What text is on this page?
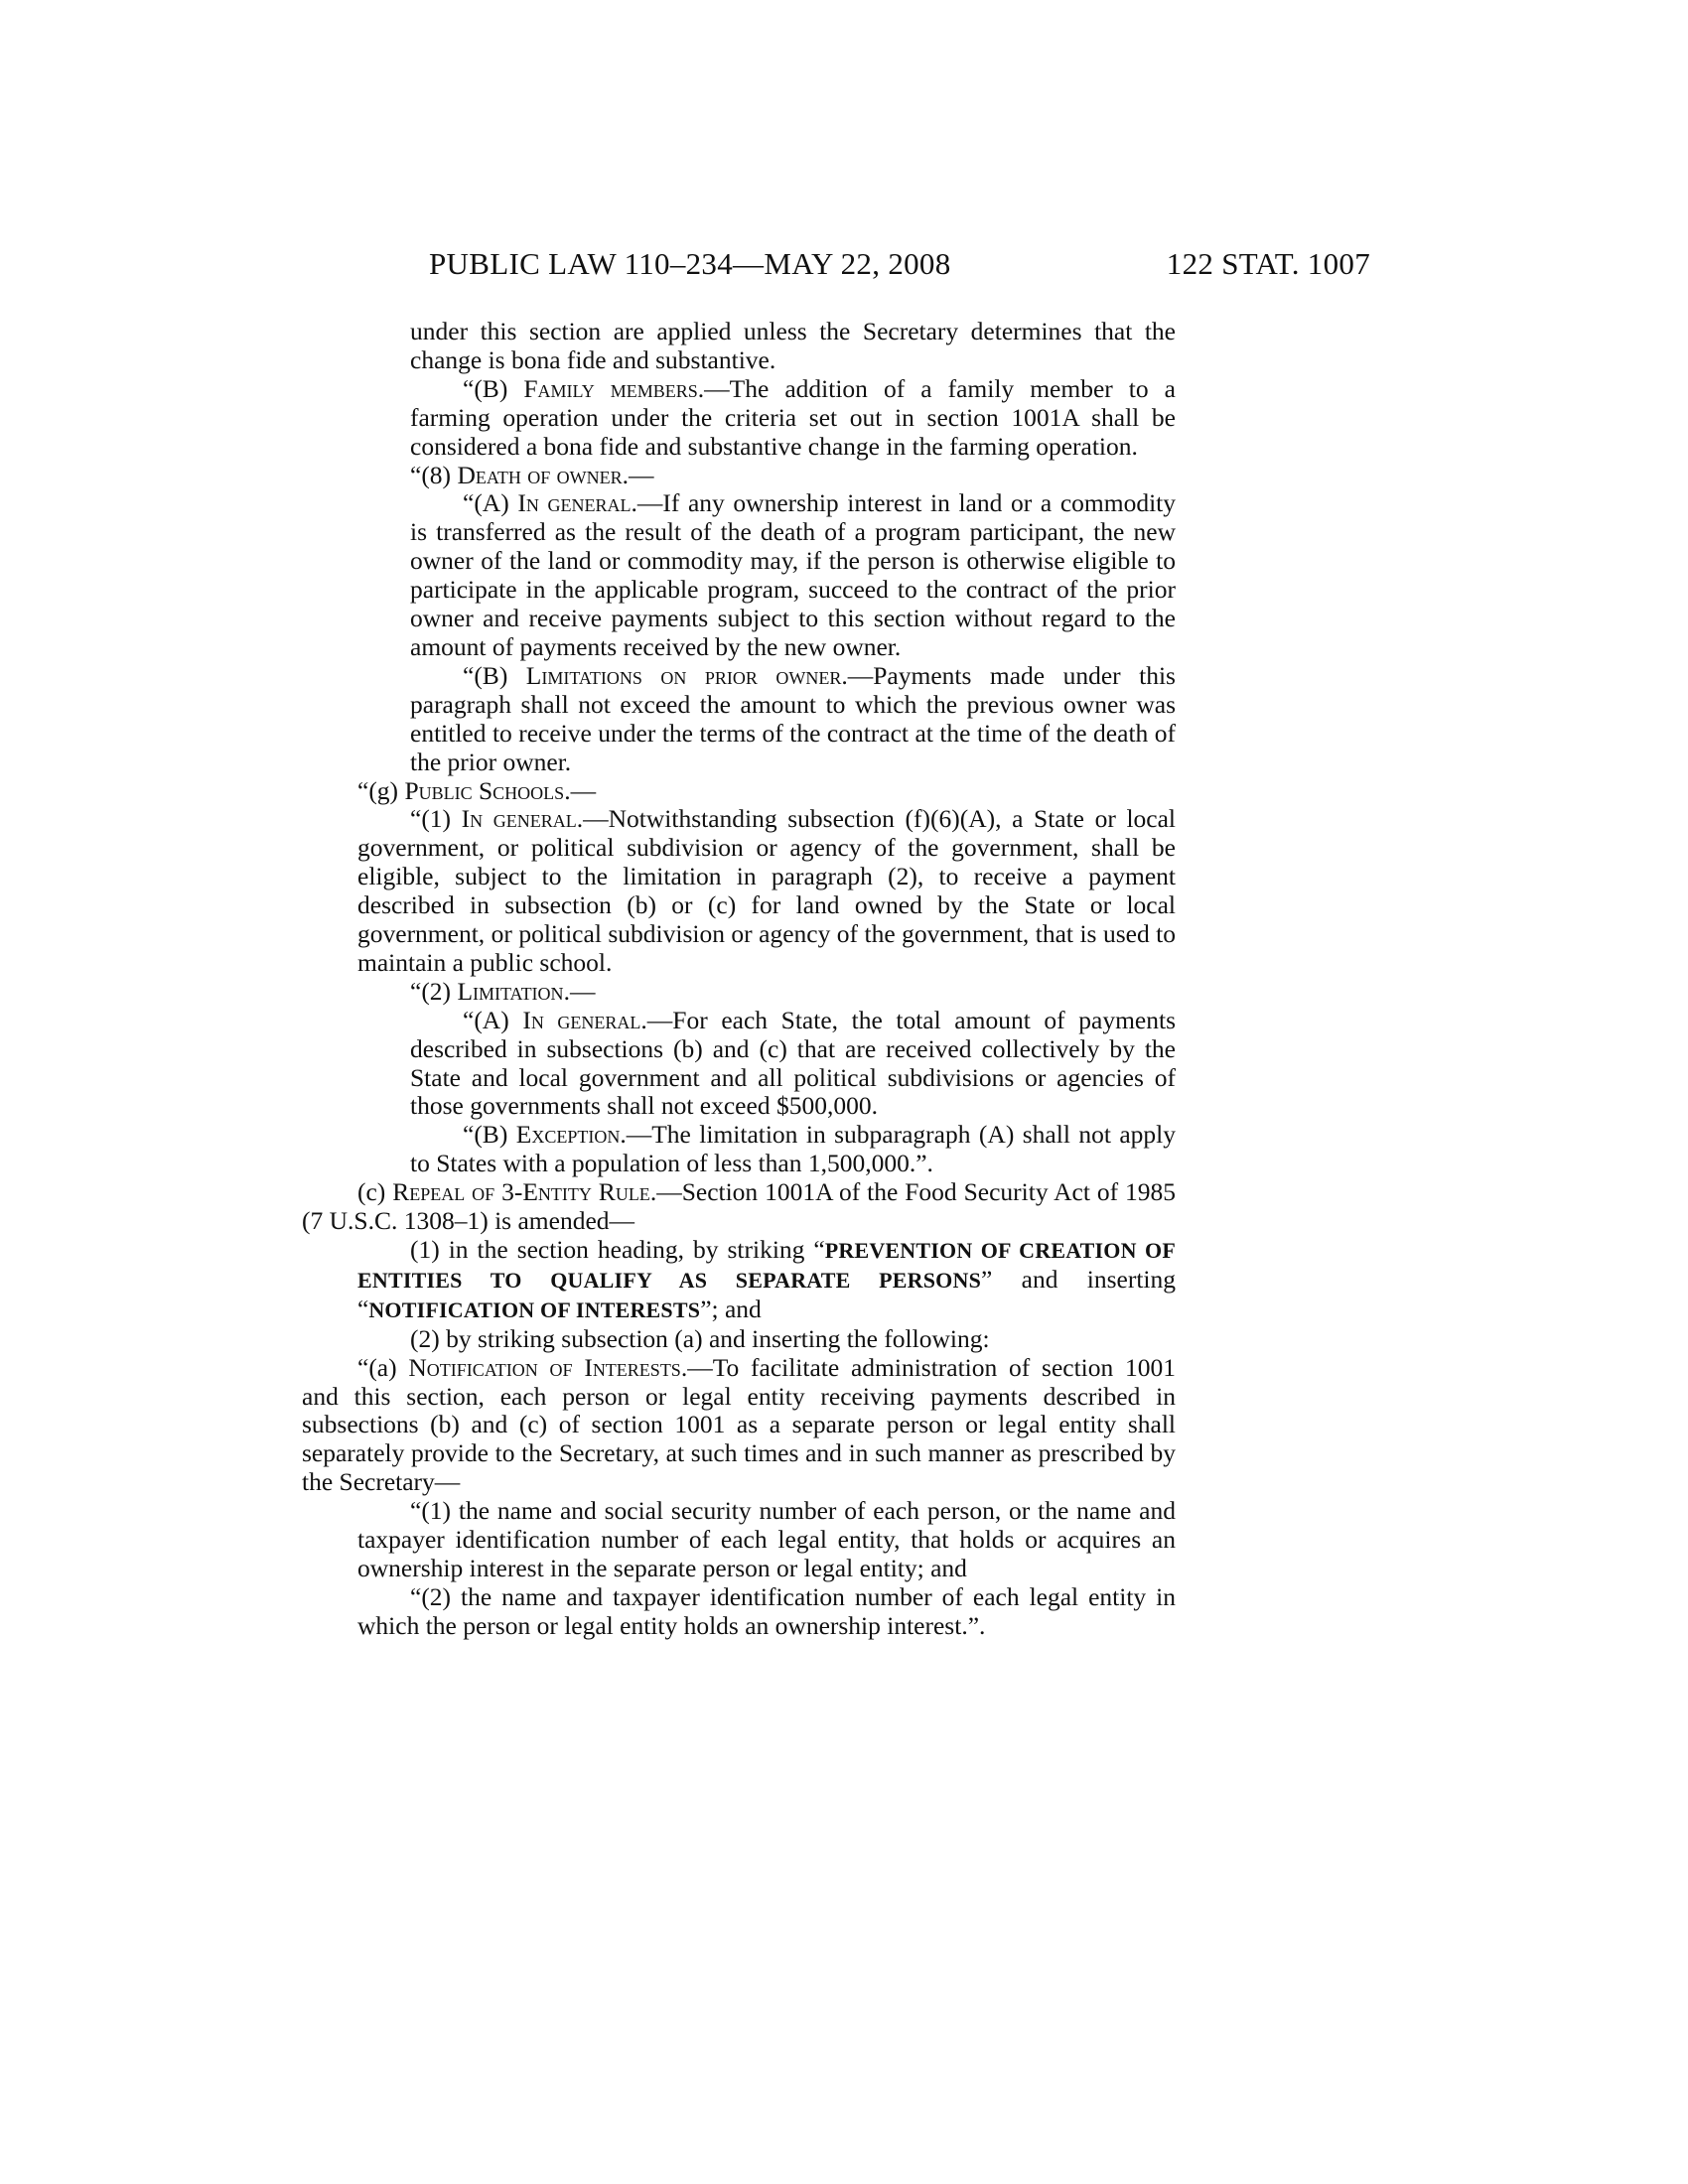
PUBLIC LAW 110–234—MAY 22, 2008	122 STAT. 1007

under this section are applied unless the Secretary determines that the change is bona fide and substantive.

“(B) Family members.—The addition of a family member to a farming operation under the criteria set out in section 1001A shall be considered a bona fide and substantive change in the farming operation.

“(8) Death of owner.—

“(A) In general.—If any ownership interest in land or a commodity is transferred as the result of the death of a program participant, the new owner of the land or commodity may, if the person is otherwise eligible to participate in the applicable program, succeed to the contract of the prior owner and receive payments subject to this section without regard to the amount of payments received by the new owner.

“(B) Limitations on prior owner.—Payments made under this paragraph shall not exceed the amount to which the previous owner was entitled to receive under the terms of the contract at the time of the death of the prior owner.

“(g) Public Schools.—

“(1) In general.—Notwithstanding subsection (f)(6)(A), a State or local government, or political subdivision or agency of the government, shall be eligible, subject to the limitation in paragraph (2), to receive a payment described in subsection (b) or (c) for land owned by the State or local government, or political subdivision or agency of the government, that is used to maintain a public school.

“(2) Limitation.—

“(A) In general.—For each State, the total amount of payments described in subsections (b) and (c) that are received collectively by the State and local government and all political subdivisions or agencies of those governments shall not exceed $500,000.

“(B) Exception.—The limitation in subparagraph (A) shall not apply to States with a population of less than 1,500,000.”.

(c) Repeal of 3-Entity Rule.—Section 1001A of the Food Security Act of 1985 (7 U.S.C. 1308–1) is amended—

(1) in the section heading, by striking “PREVENTION OF CREATION OF ENTITIES TO QUALIFY AS SEPARATE PERSONS” and inserting “NOTIFICATION OF INTERESTS”; and

(2) by striking subsection (a) and inserting the following:

“(a) Notification of Interests.—To facilitate administration of section 1001 and this section, each person or legal entity receiving payments described in subsections (b) and (c) of section 1001 as a separate person or legal entity shall separately provide to the Secretary, at such times and in such manner as prescribed by the Secretary—

“(1) the name and social security number of each person, or the name and taxpayer identification number of each legal entity, that holds or acquires an ownership interest in the separate person or legal entity; and

“(2) the name and taxpayer identification number of each legal entity in which the person or legal entity holds an ownership interest.”.
